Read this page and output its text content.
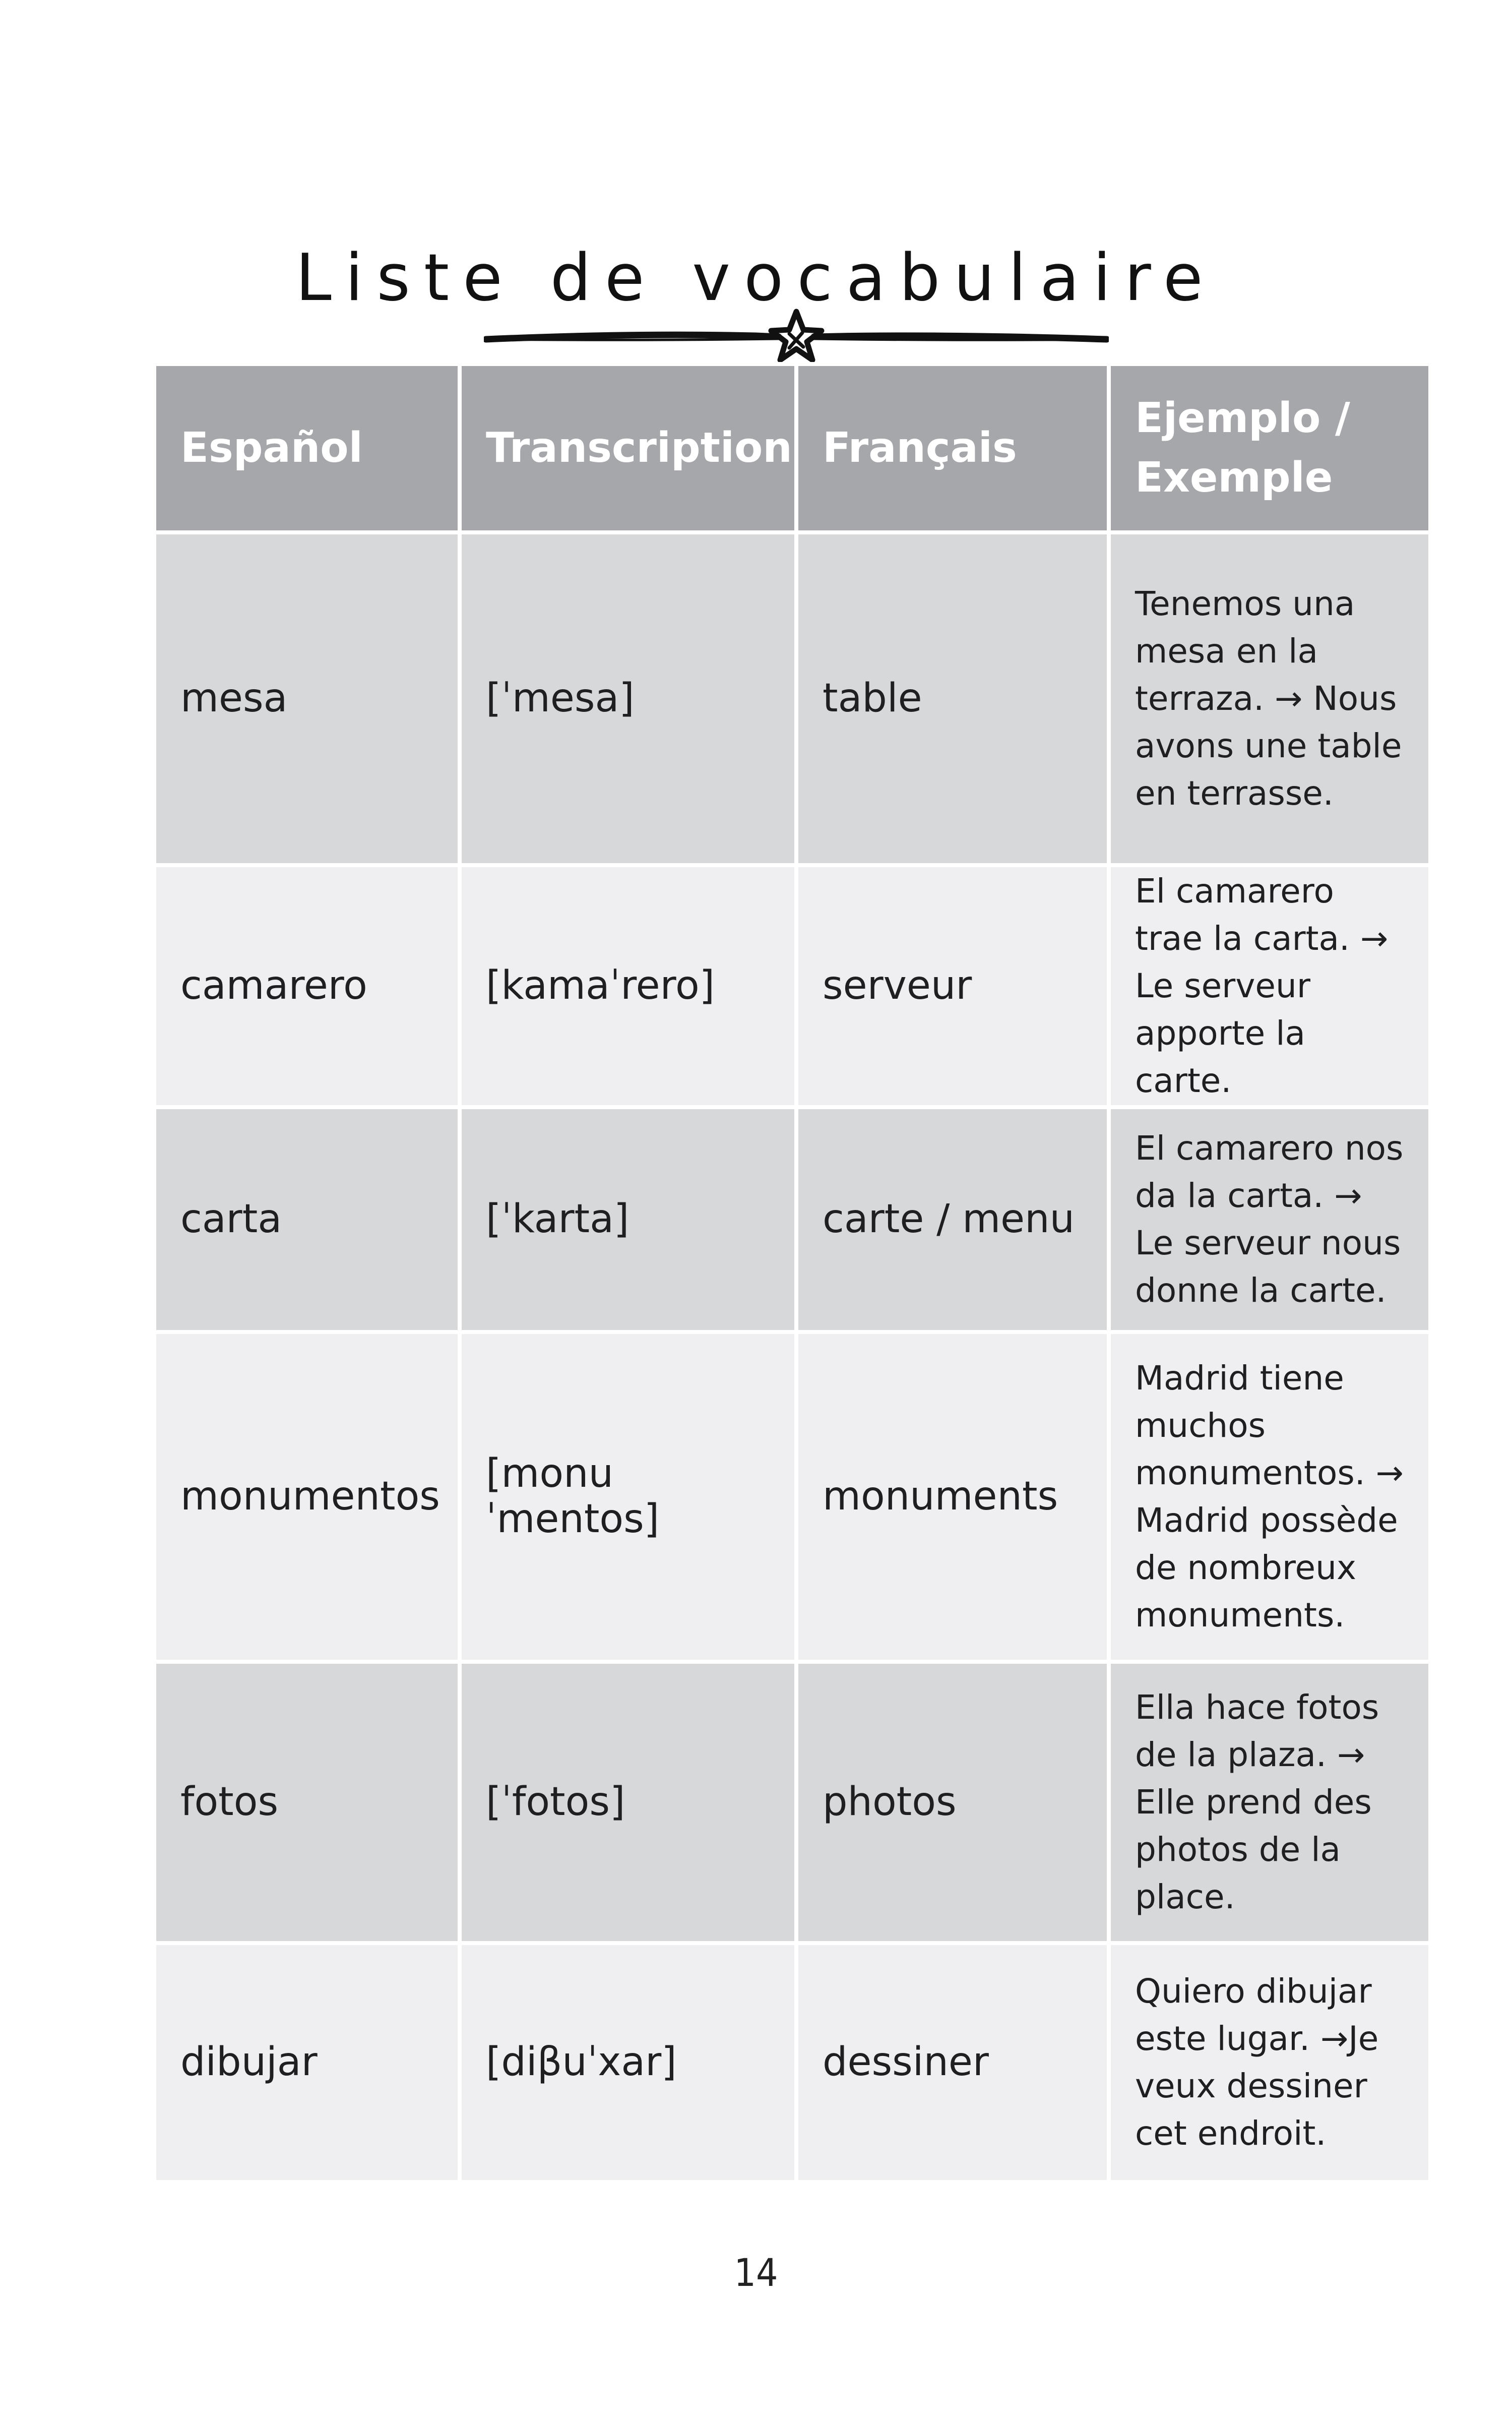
Liste de vocabulaire
Español	Transcription	Français	Ejemplo / Exemple
mesa	[ˈmesa]	table	Tenemos una mesa en la terraza. → Nous avons une table en terrasse.
camarero	[kamaˈrero]	serveur	El camarero trae la carta. → Le serveur apporte la carte.
carta	[ˈkarta]	carte / menu	El camarero nos da la carta. → Le serveur nous donne la carte.
monumentos	[monuˈmentos]	monuments	Madrid tiene muchos monumentos. → Madrid possède de nombreux monuments.
fotos	[ˈfotos]	photos	Ella hace fotos de la plaza. → Elle prend des photos de la place.
dibujar	[diβuˈxar]	dessiner	Quiero dibujar este lugar. →Je veux dessiner cet endroit.
14
